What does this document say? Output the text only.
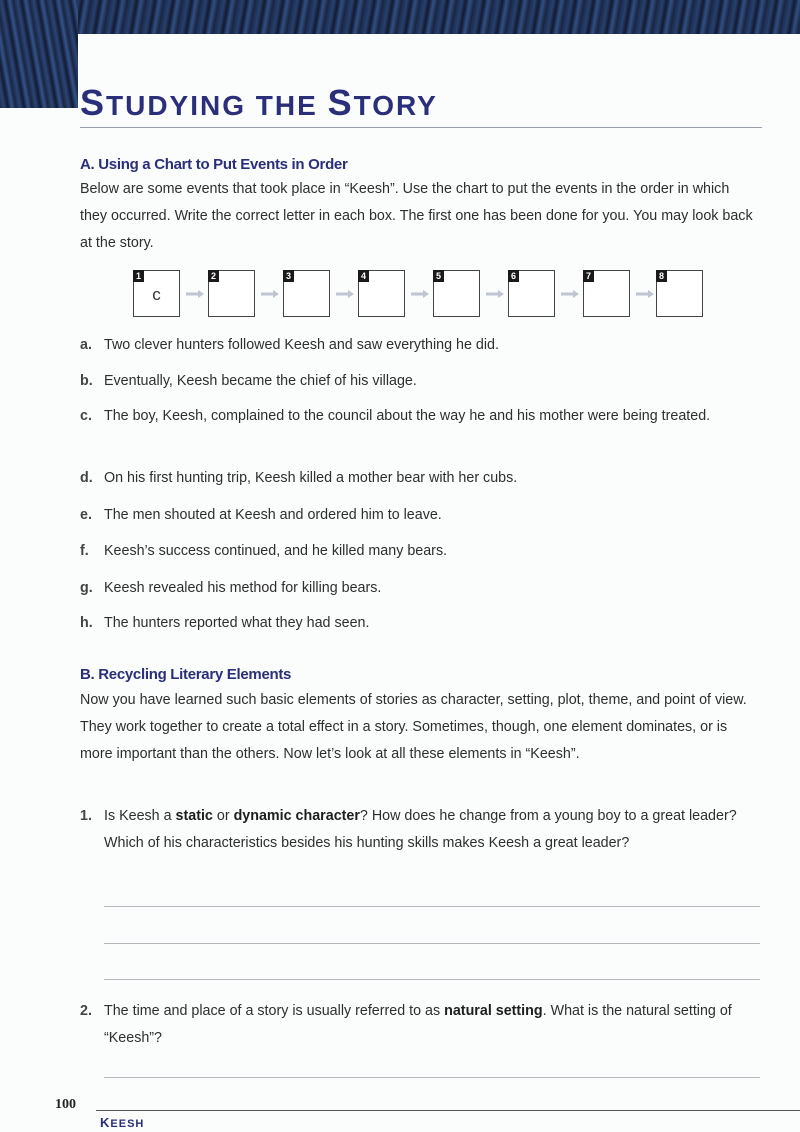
STUDYING THE STORY
A. Using a Chart to Put Events in Order

Below are some events that took place in “Keesh”. Use the chart to put the events in the order in which they occurred. Write the correct letter in each box. The first one has been done for you. You may look back at the story.

1
c
2	3	4	5	6	7	8
a. Two clever hunters followed Keesh and saw everything he did.
b. Eventually, Keesh became the chief of his village.
c. The boy, Keesh, complained to the council about the way he and his mother were being treated.
d. On his first hunting trip, Keesh killed a mother bear with her cubs.
e. The men shouted at Keesh and ordered him to leave.
f.	Keesh’s success continued, and he killed many bears.
g. Keesh revealed his method for killing bears.
h. The hunters reported what they had seen.
B. Recycling Literary Elements

Now you have learned such basic elements of stories as character, setting, plot, theme, and point of view. They work together to create a total effect in a story. Sometimes, though, one element dominates, or is more important than the others. Now let’s look at all these elements in “Keesh”.

1. Is Keesh a static or dynamic character? How does he change from a young boy to a great leader? Which of his characteristics besides his hunting skills makes Keesh a great leader?
2. The time and place of a story is usually referred to as natural setting. What is the natural setting of “Keesh”?
100
KEESH
